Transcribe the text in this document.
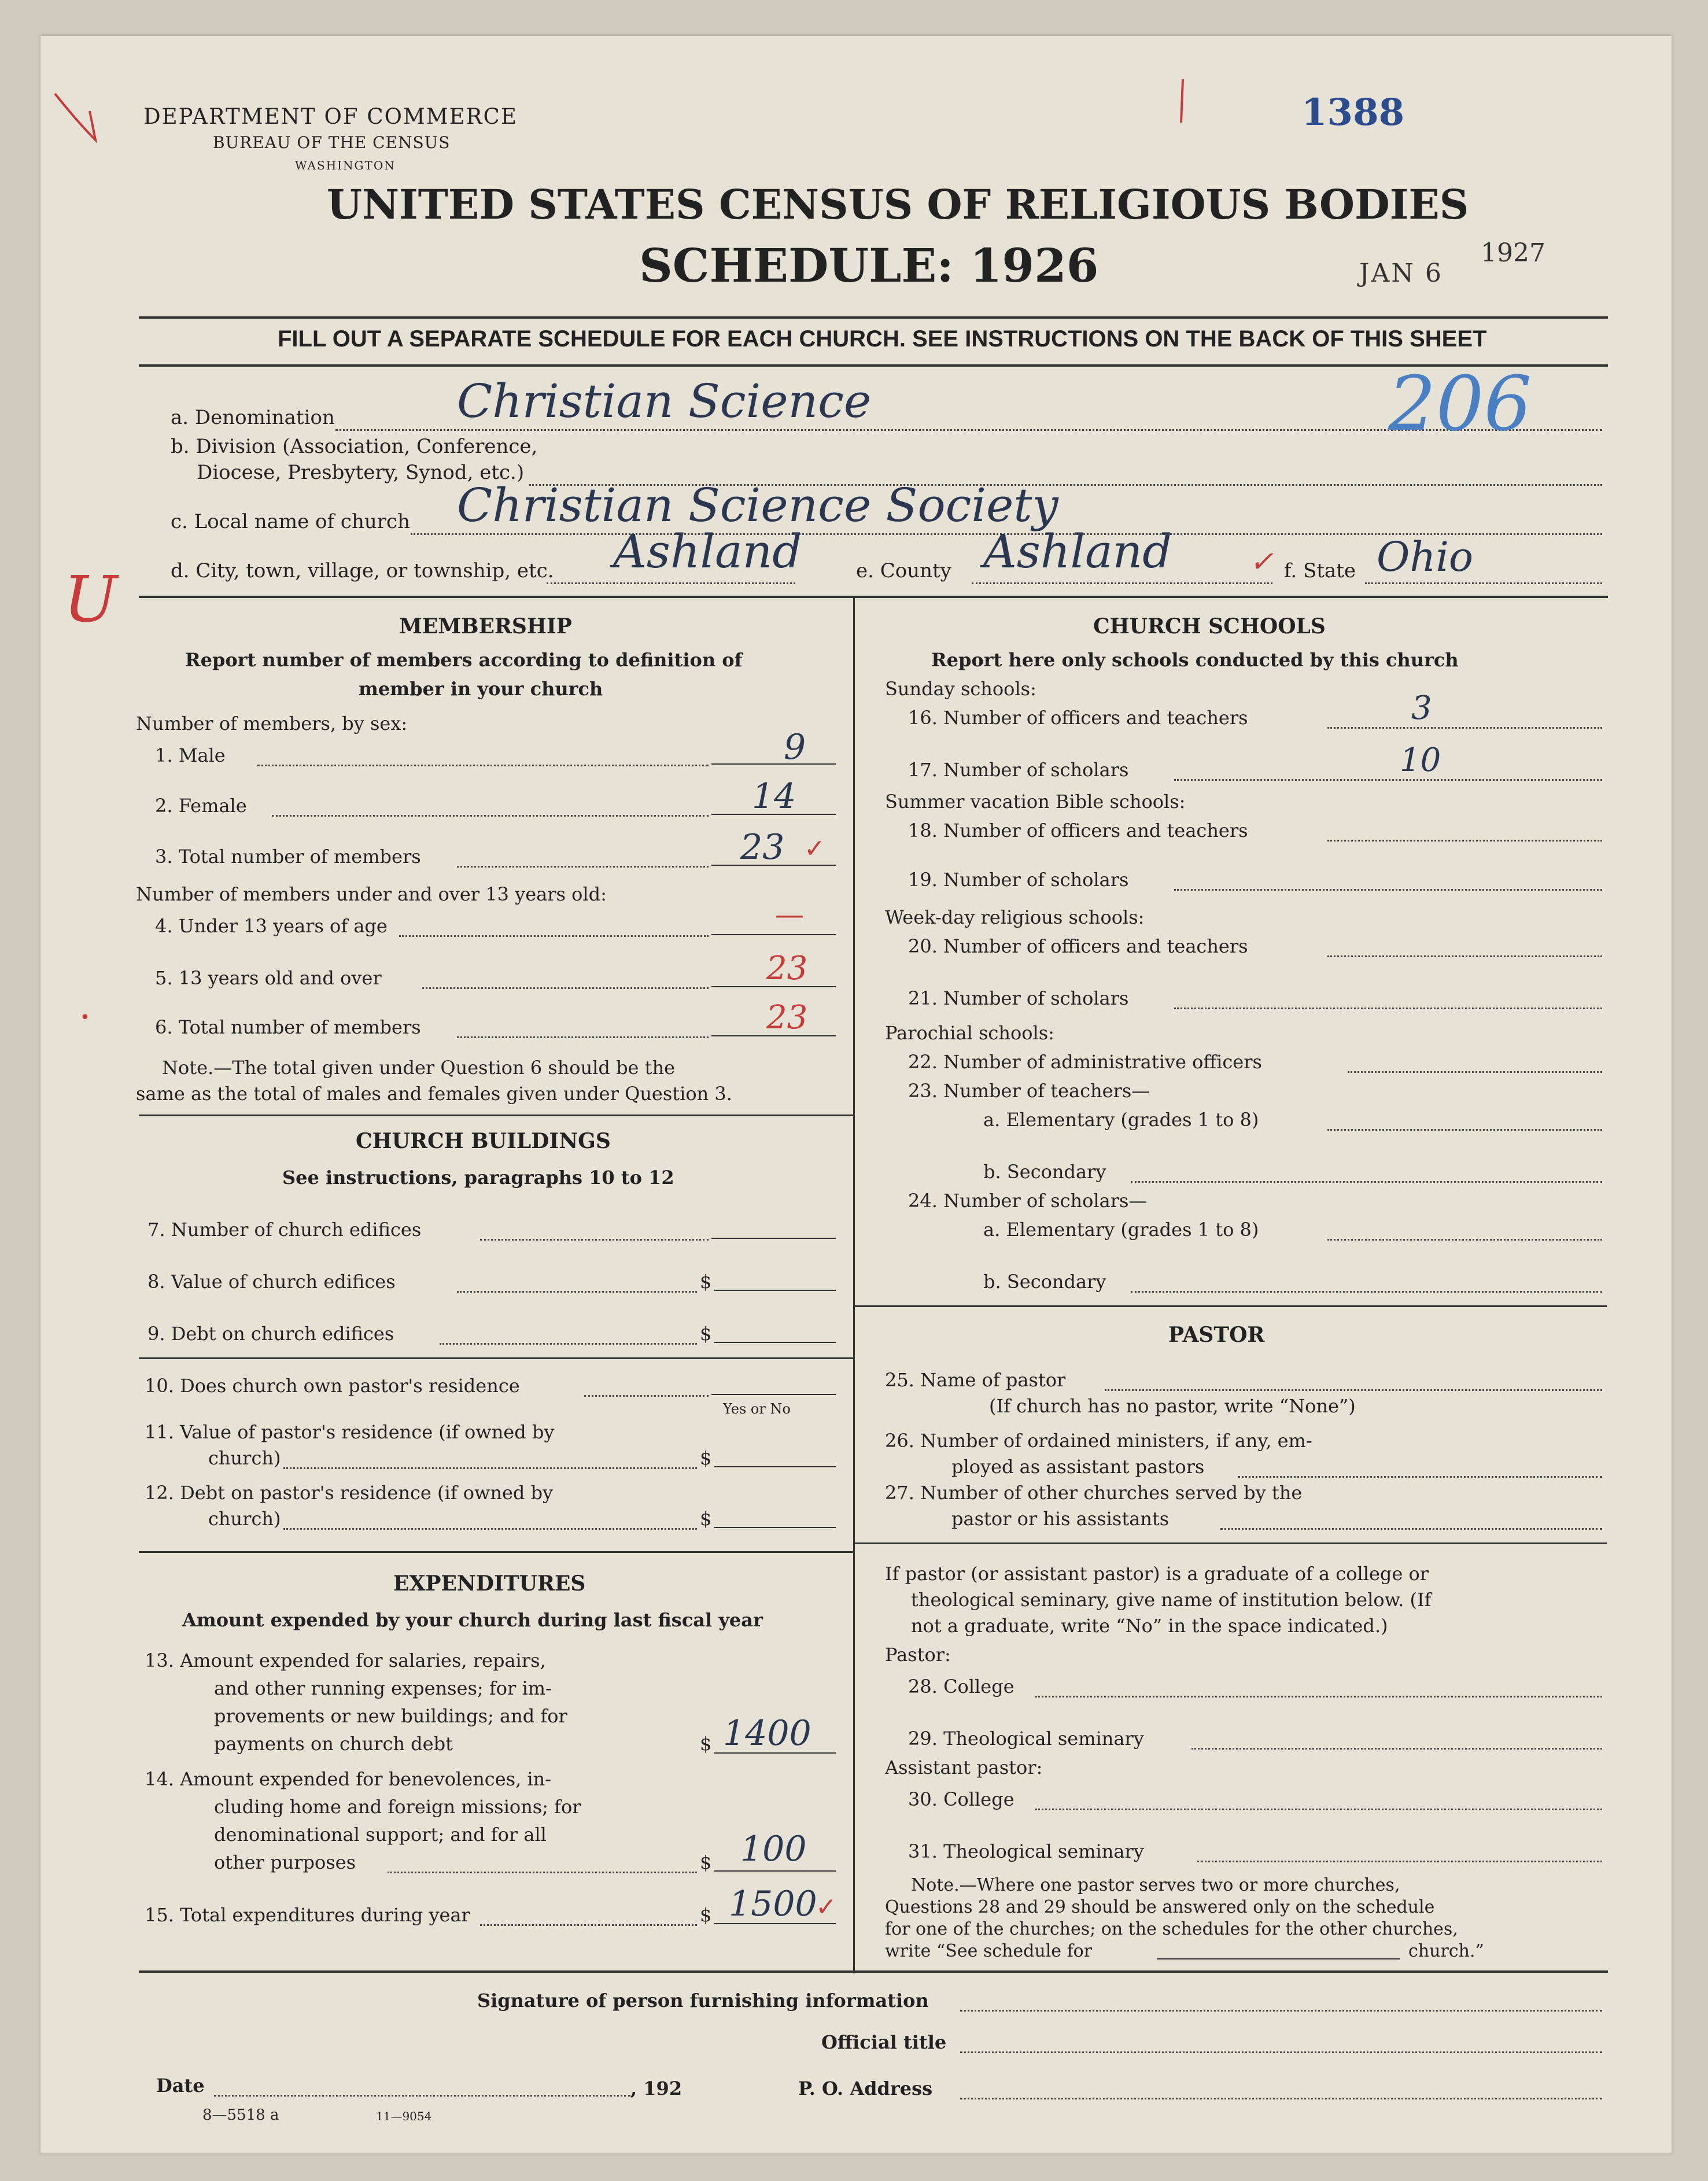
U
•
DEPARTMENT OF COMMERCE
BUREAU OF THE CENSUS
WASHINGTON
1388
UNITED STATES CENSUS OF RELIGIOUS BODIES
SCHEDULE: 1926	JAN 6
1927
FILL OUT A SEPARATE SCHEDULE FOR EACH CHURCH. SEE INSTRUCTIONS ON THE BACK OF THIS SHEET
a. Denomination	Christian Science	206
b. Division (Association, Conference,
Diocese, Presbytery, Synod, etc.)
c. Local name of church Christian Science Society
d. City, town, village, or township, etc. Ashland	e. County Ashland	✓ f. State Ohio
MEMBERSHIP
Report number of members according to definition of
member in your church
Number of members, by sex:
1. Male	9
2. Female	14
3. Total number of members	23 ✓
Number of members under and over 13 years old:
4. Under 13 years of age	—
5. 13 years old and over	23
6. Total number of members	23
Note.—The total given under Question 6 should be the
same as the total of males and females given under Question 3.
CHURCH BUILDINGS
See instructions, paragraphs 10 to 12
7. Number of church edifices
8. Value of church edifices	$
9. Debt on church edifices	$
10. Does church own pastor's residence
Yes or No
11. Value of pastor's residence (if owned by
church)	$
12. Debt on pastor's residence (if owned by
church)	$
EXPENDITURES
Amount expended by your church during last fiscal year
13. Amount expended for salaries, repairs,
and other running expenses; for im-
provements or new buildings; and for
payments on church debt	$ 1400
14. Amount expended for benevolences, in-
cluding home and foreign missions; for
denominational support; and for all
other purposes	$ 100
15. Total expenditures during year	$ 1500
✓
CHURCH SCHOOLS
Report here only schools conducted by this church
Sunday schools:
16. Number of officers and teachers	3
17. Number of scholars	10
Summer vacation Bible schools:
18. Number of officers and teachers
19. Number of scholars
Week-day religious schools:
20. Number of officers and teachers
21. Number of scholars
Parochial schools:
22. Number of administrative officers
23. Number of teachers—
a. Elementary (grades 1 to 8)
b. Secondary
24. Number of scholars—
a. Elementary (grades 1 to 8)
b. Secondary
PASTOR
25. Name of pastor
(If church has no pastor, write “None”)
26. Number of ordained ministers, if any, em-
ployed as assistant pastors
27. Number of other churches served by the
pastor or his assistants
If pastor (or assistant pastor) is a graduate of a college or
theological seminary, give name of institution below. (If
not a graduate, write “No” in the space indicated.)
Pastor:
28. College
29. Theological seminary
Assistant pastor:
30. College
31. Theological seminary
Note.—Where one pastor serves two or more churches,
Questions 28 and 29 should be answered only on the schedule
for one of the churches; on the schedules for the other churches,
write “See schedule for	church.”
Signature of person furnishing information
Official title
Date	, 192	P. O. Address
8—5518 a	11—9054
